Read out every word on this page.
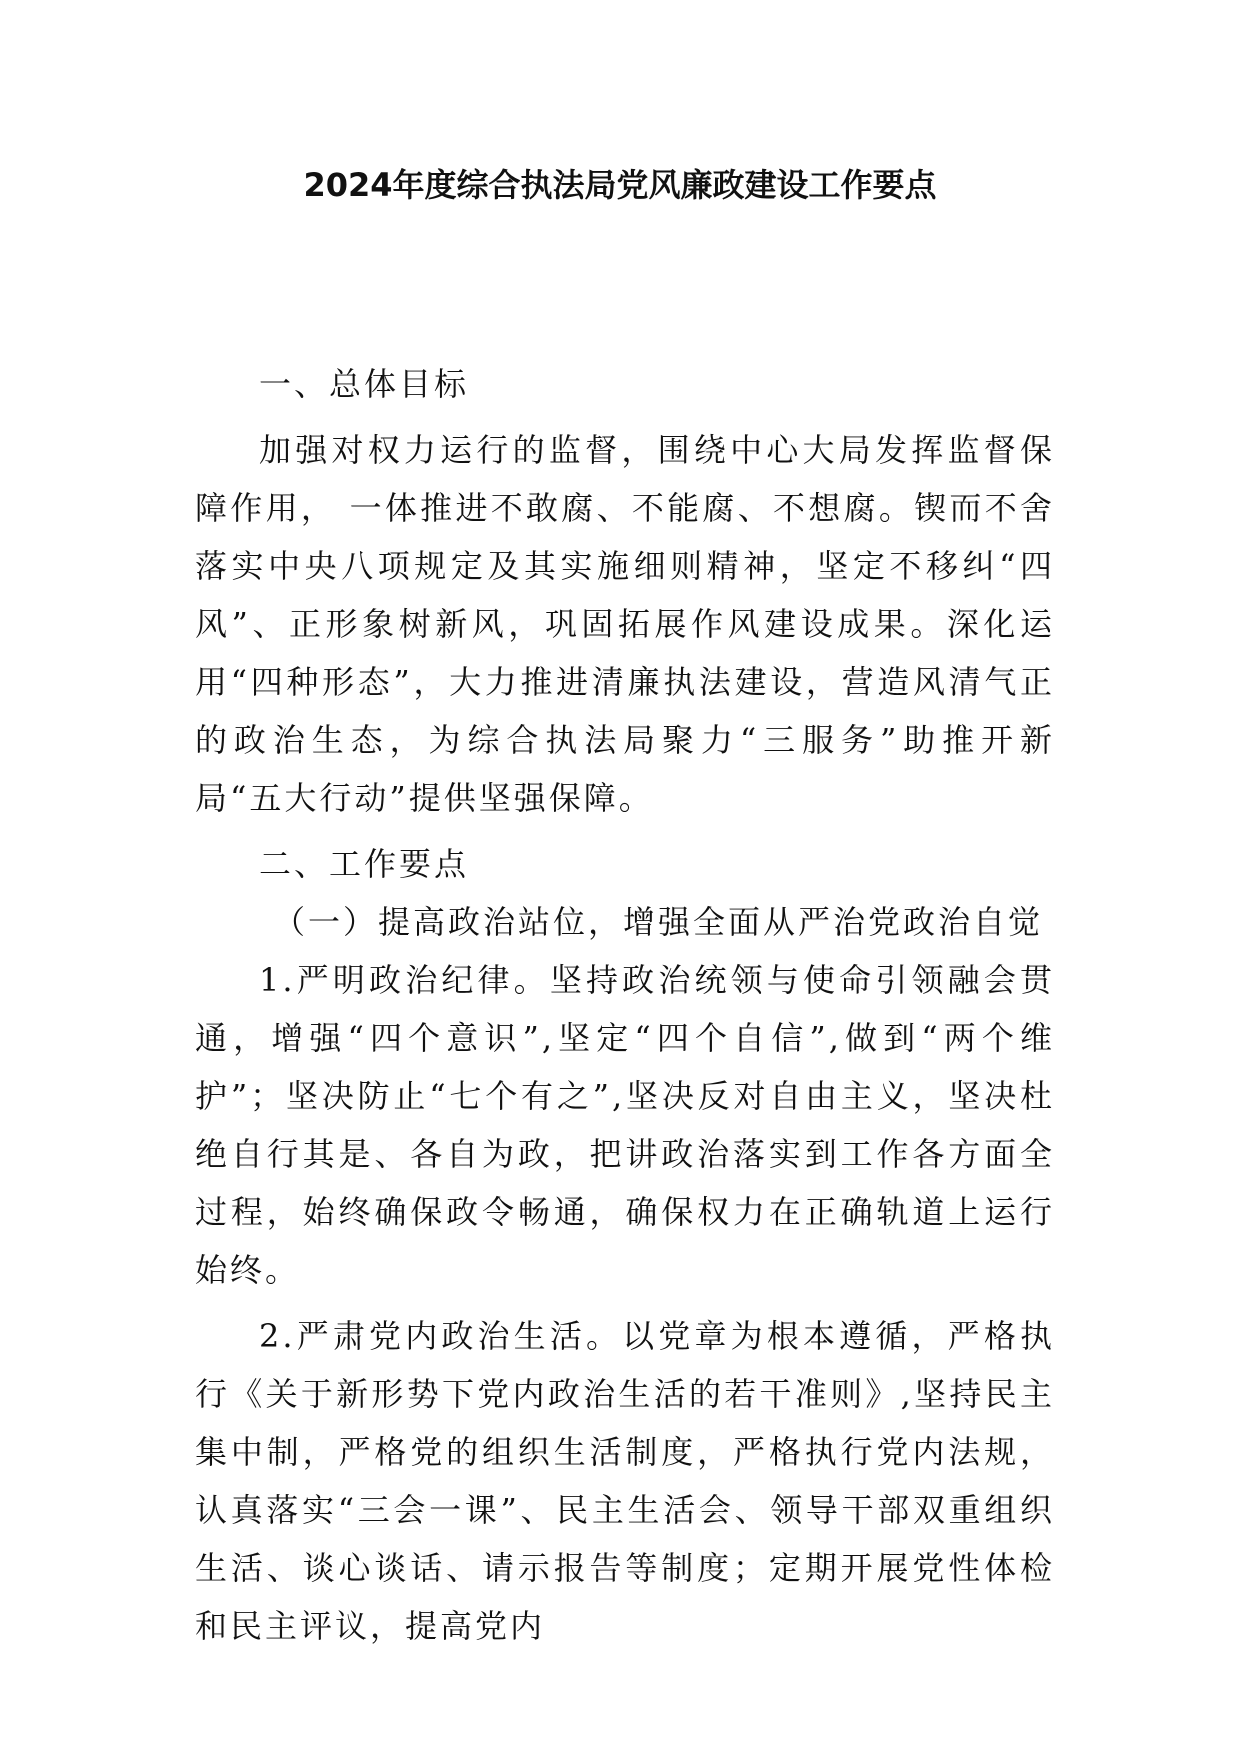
2024年度综合执法局党风廉政建设工作要点

一、总体目标

加强对权力运行的监督，围绕中心大局发挥监督保障作用， 一体推进不敢腐、不能腐、不想腐。锲而不舍落实中央八项规定及其实施细则精神，坚定不移纠“四风”、正形象树新风，巩固拓展作风建设成果。深化运用“四种形态”，大力推进清廉执法建设，营造风清气正的政治生态，为综合执法局聚力“三服务”助推开新局“五大行动”提供坚强保障。

二、工作要点

（一）提高政治站位，增强全面从严治党政治自觉

1.严明政治纪律。坚持政治统领与使命引领融会贯通，增强“四个意识”,坚定“四个自信”,做到“两个维护”；坚决防止“七个有之”,坚决反对自由主义，坚决杜绝自行其是、各自为政，把讲政治落实到工作各方面全过程，始终确保政令畅通，确保权力在正确轨道上运行始终。

2.严肃党内政治生活。以党章为根本遵循，严格执行《关于新形势下党内政治生活的若干准则》,坚持民主集中制，严格党的组织生活制度，严格执行党内法规，认真落实“三会一课”、民主生活会、领导干部双重组织生活、谈心谈话、请示报告等制度；定期开展党性体检和民主评议，提高党内
